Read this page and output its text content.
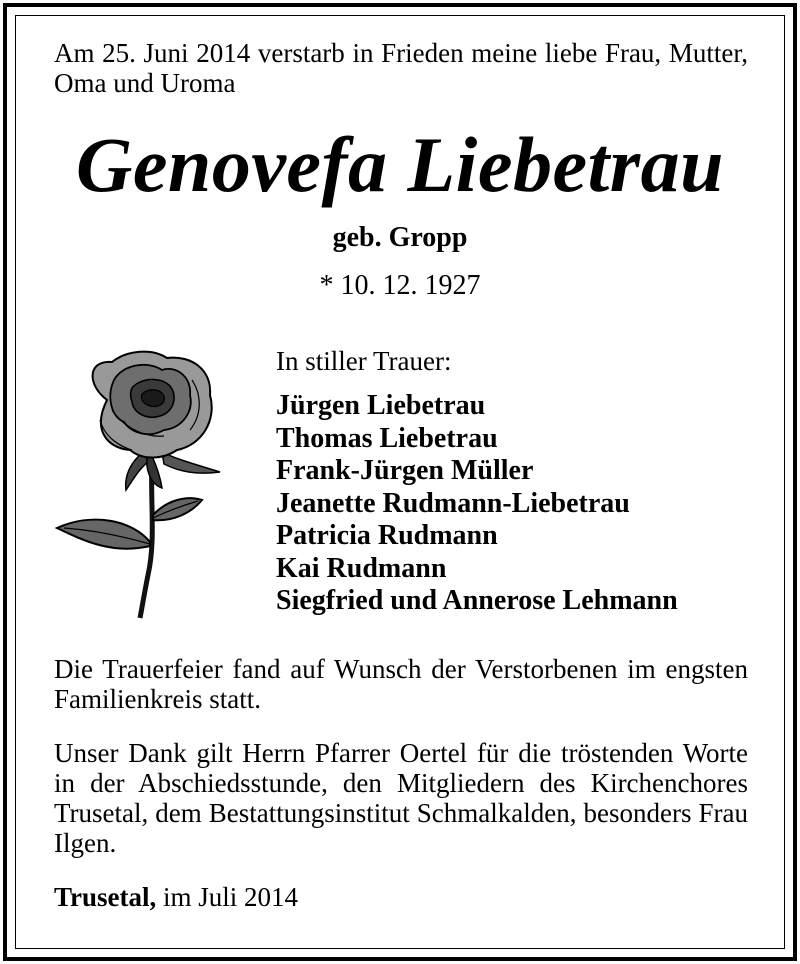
Am 25. Juni 2014 verstarb in Frieden meine liebe Frau, Mutter, Oma und Uroma
Genovefa Liebetrau
geb. Gropp
* 10. 12. 1927
In stiller Trauer:
Jürgen Liebetrau
Thomas Liebetrau
Frank-Jürgen Müller
Jeanette Rudmann-Liebetrau
Patricia Rudmann
Kai Rudmann
Siegfried und Annerose Lehmann
Die Trauerfeier fand auf Wunsch der Verstorbenen im engsten Familienkreis statt.
Unser Dank gilt Herrn Pfarrer Oertel für die tröstenden Worte in der Abschiedsstunde, den Mitgliedern des Kirchenchores Trusetal, dem Bestattungsinstitut Schmalkalden, besonders Frau Ilgen.
Trusetal, im Juli 2014
